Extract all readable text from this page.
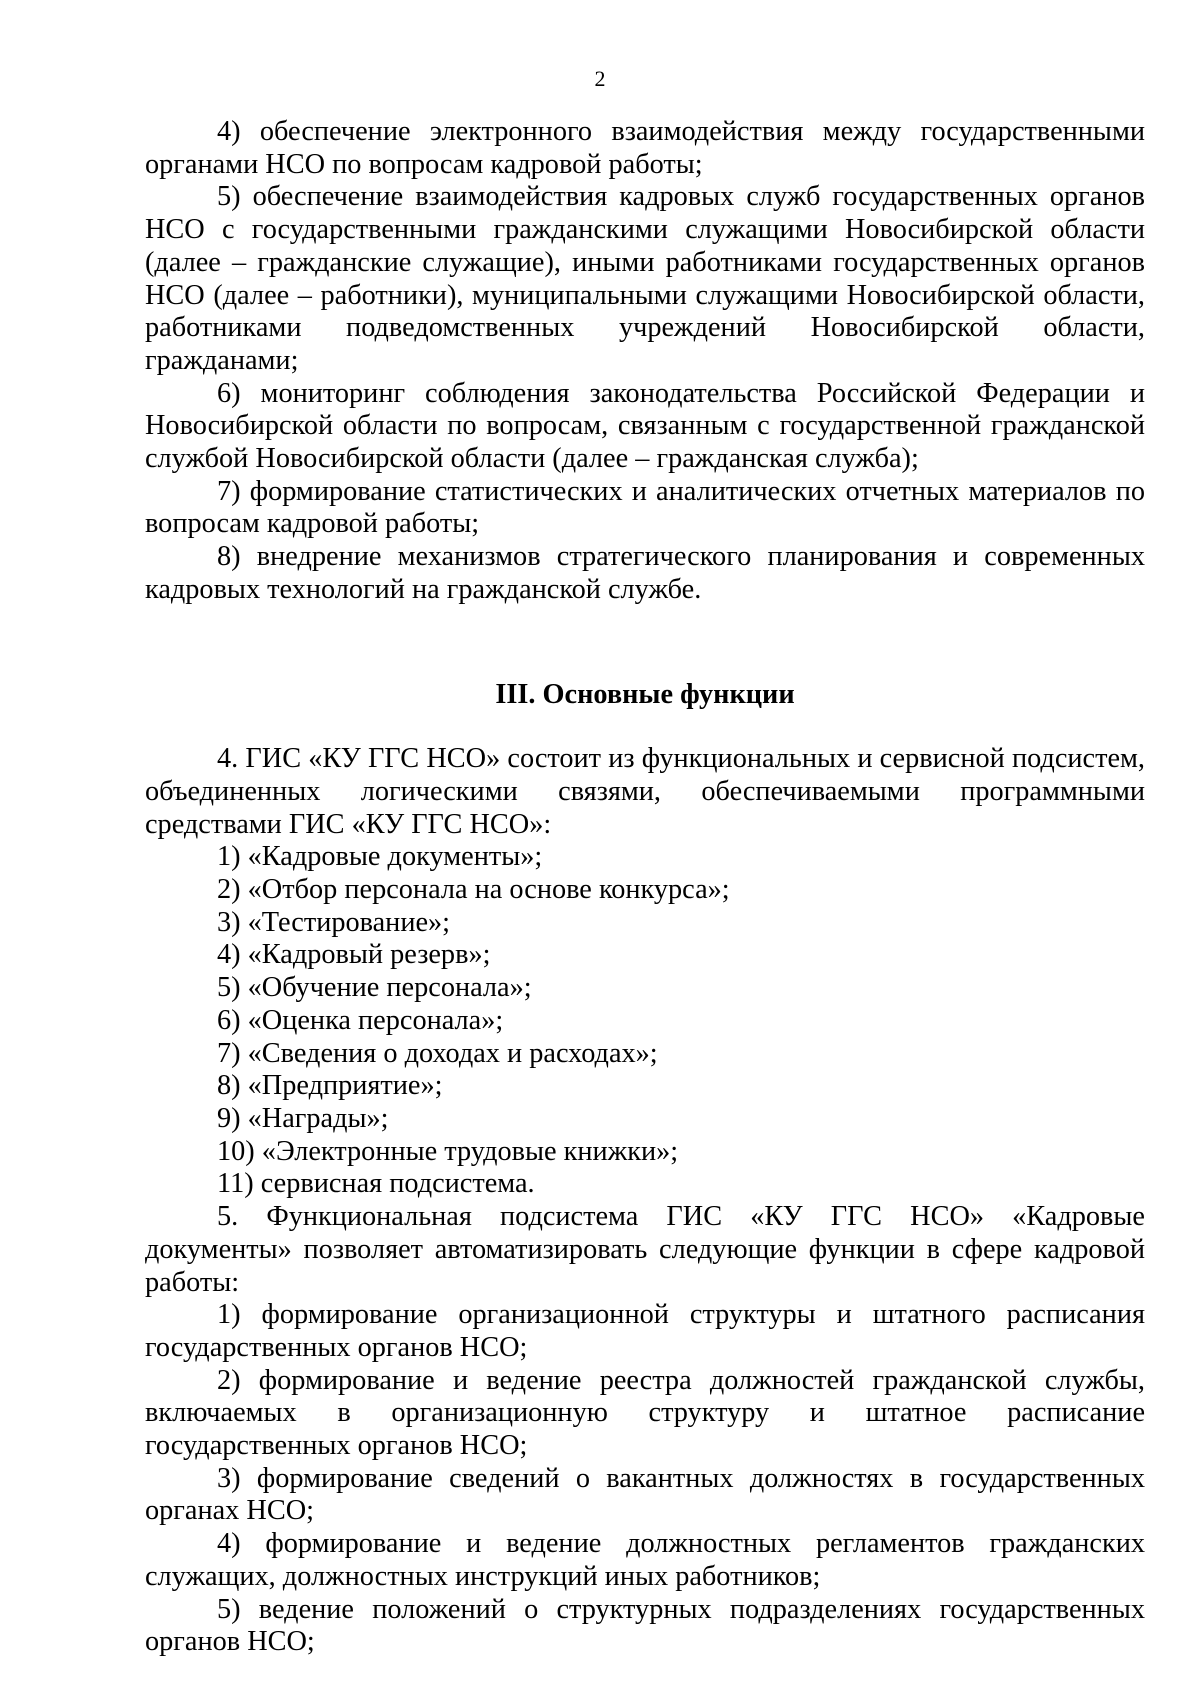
2

4) обеспечение электронного взаимодействия между государственными органами НСО по вопросам кадровой работы;

5) обеспечение взаимодействия кадровых служб государственных органов НСО с государственными гражданскими служащими Новосибирской области (далее – гражданские служащие), иными работниками государственных органов НСО (далее – работники), муниципальными служащими Новосибирской области, работниками подведомственных учреждений Новосибирской области, гражданами;

6) мониторинг соблюдения законодательства Российской Федерации и Новосибирской области по вопросам, связанным с государственной гражданской службой Новосибирской области (далее – гражданская служба);

7) формирование статистических и аналитических отчетных материалов по вопросам кадровой работы;

8) внедрение механизмов стратегического планирования и современных кадровых технологий на гражданской службе.

III. Основные функции

4. ГИС «КУ ГГС НСО» состоит из функциональных и сервисной подсистем, объединенных логическими связями, обеспечиваемыми программными средствами ГИС «КУ ГГС НСО»:

1) «Кадровые документы»;

2) «Отбор персонала на основе конкурса»;

3) «Тестирование»;

4) «Кадровый резерв»;

5) «Обучение персонала»;

6) «Оценка персонала»;

7) «Сведения о доходах и расходах»;

8) «Предприятие»;

9) «Награды»;

10) «Электронные трудовые книжки»;

11) сервисная подсистема.

5. Функциональная подсистема ГИС «КУ ГГС НСО» «Кадровые документы» позволяет автоматизировать следующие функции в сфере кадровой работы:

1) формирование организационной структуры и штатного расписания государственных органов НСО;

2) формирование и ведение реестра должностей гражданской службы, включаемых в организационную структуру и штатное расписание государственных органов НСО;

3) формирование сведений о вакантных должностях в государственных органах НСО;

4) формирование и ведение должностных регламентов гражданских служащих, должностных инструкций иных работников;

5) ведение положений о структурных подразделениях государственных органов НСО;
